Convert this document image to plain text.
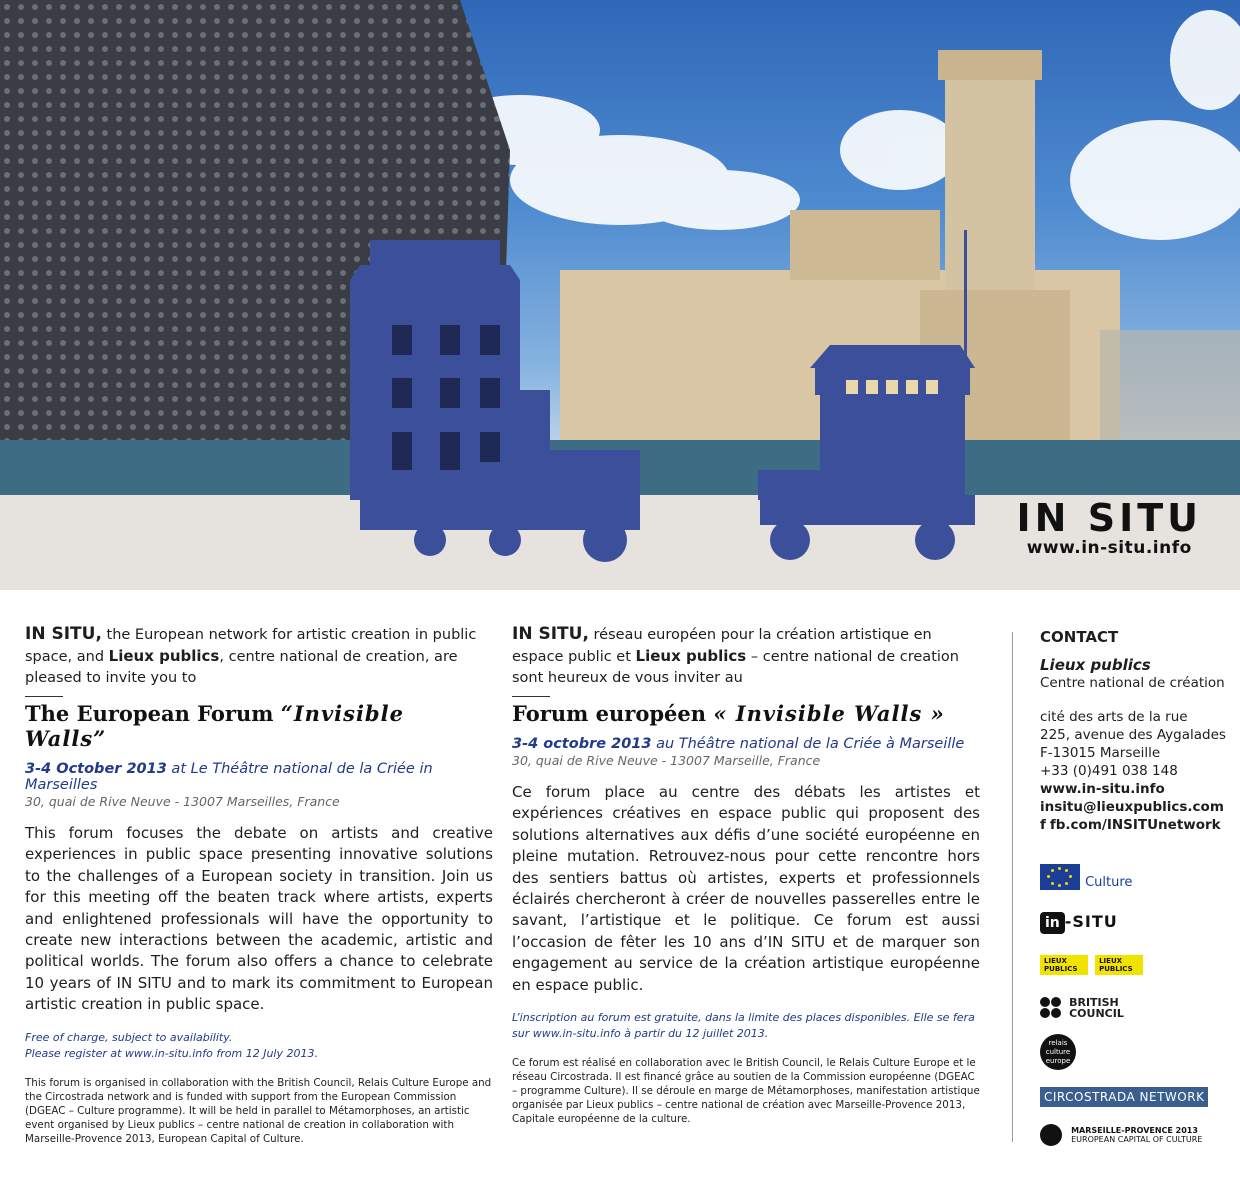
IN SITU
www.in-situ.info

IN SITU, the European network for artistic creation in public space, and Lieux publics, centre national de creation, are pleased to invite you to

The European Forum “Invisible Walls”
3-4 October 2013 at Le Théâtre national de la Criée in Marseilles
30, quai de Rive Neuve - 13007 Marseilles, France
This forum focuses the debate on artists and creative experiences in public space presenting innovative solutions to the challenges of a European society in transition. Join us for this meeting off the beaten track where artists, experts and enlightened professionals will have the opportunity to create new interactions between the academic, artistic and political worlds. The forum also offers a chance to celebrate 10 years of IN SITU and to mark its commitment to European artistic creation in public space.
Free of charge, subject to availability.
Please register at www.in-situ.info from 12 July 2013.
This forum is organised in collaboration with the British Council, Relais Culture Europe and the Circostrada network and is funded with support from the European Commission (DGEAC – Culture programme). It will be held in parallel to Métamorphoses, an artistic event organised by Lieux publics – centre national de creation in collaboration with Marseille-Provence 2013, European Capital of Culture.

IN SITU, réseau européen pour la création artistique en espace public et Lieux publics – centre national de creation sont heureux de vous inviter au

Forum européen « Invisible Walls »
3-4 octobre 2013 au Théâtre national de la Criée à Marseille
30, quai de Rive Neuve - 13007 Marseille, France
Ce forum place au centre des débats les artistes et expériences créatives en espace public qui proposent des solutions alternatives aux défis d’une société européenne en pleine mutation. Retrouvez-nous pour cette rencontre hors des sentiers battus où artistes, experts et professionnels éclairés chercheront à créer de nouvelles passerelles entre le savant, l’artistique et le politique. Ce forum est aussi l’occasion de fêter les 10 ans d’IN SITU et de marquer son engagement au service de la création artistique européenne en espace public.
L’inscription au forum est gratuite, dans la limite des places disponibles. Elle se fera sur www.in-situ.info à partir du 12 juillet 2013.
Ce forum est réalisé en collaboration avec le British Council, le Relais Culture Europe et le réseau Circostrada. Il est financé grâce au soutien de la Commission européenne (DGEAC – programme Culture). Il se déroule en marge de Métamorphoses, manifestation artistique organisée par Lieux publics – centre national de création avec Marseille-Provence 2013, Capitale européenne de la culture.
CONTACT
Lieux publics
Centre national de création
cité des arts de la rue
225, avenue des Aygalades
F-13015 Marseille
+33 (0)491 038 148
www.in-situ.info
insitu@lieuxpublics.com
f fb.com/INSITUnetwork
Culture
in -SITU
LIEUX PUBLICS LIEUX PUBLICS
BRITISH
COUNCIL
relais culture europe
CIRCOSTRADA NETWORK
MARSEILLE-PROVENCE 2013
EUROPEAN CAPITAL OF CULTURE
